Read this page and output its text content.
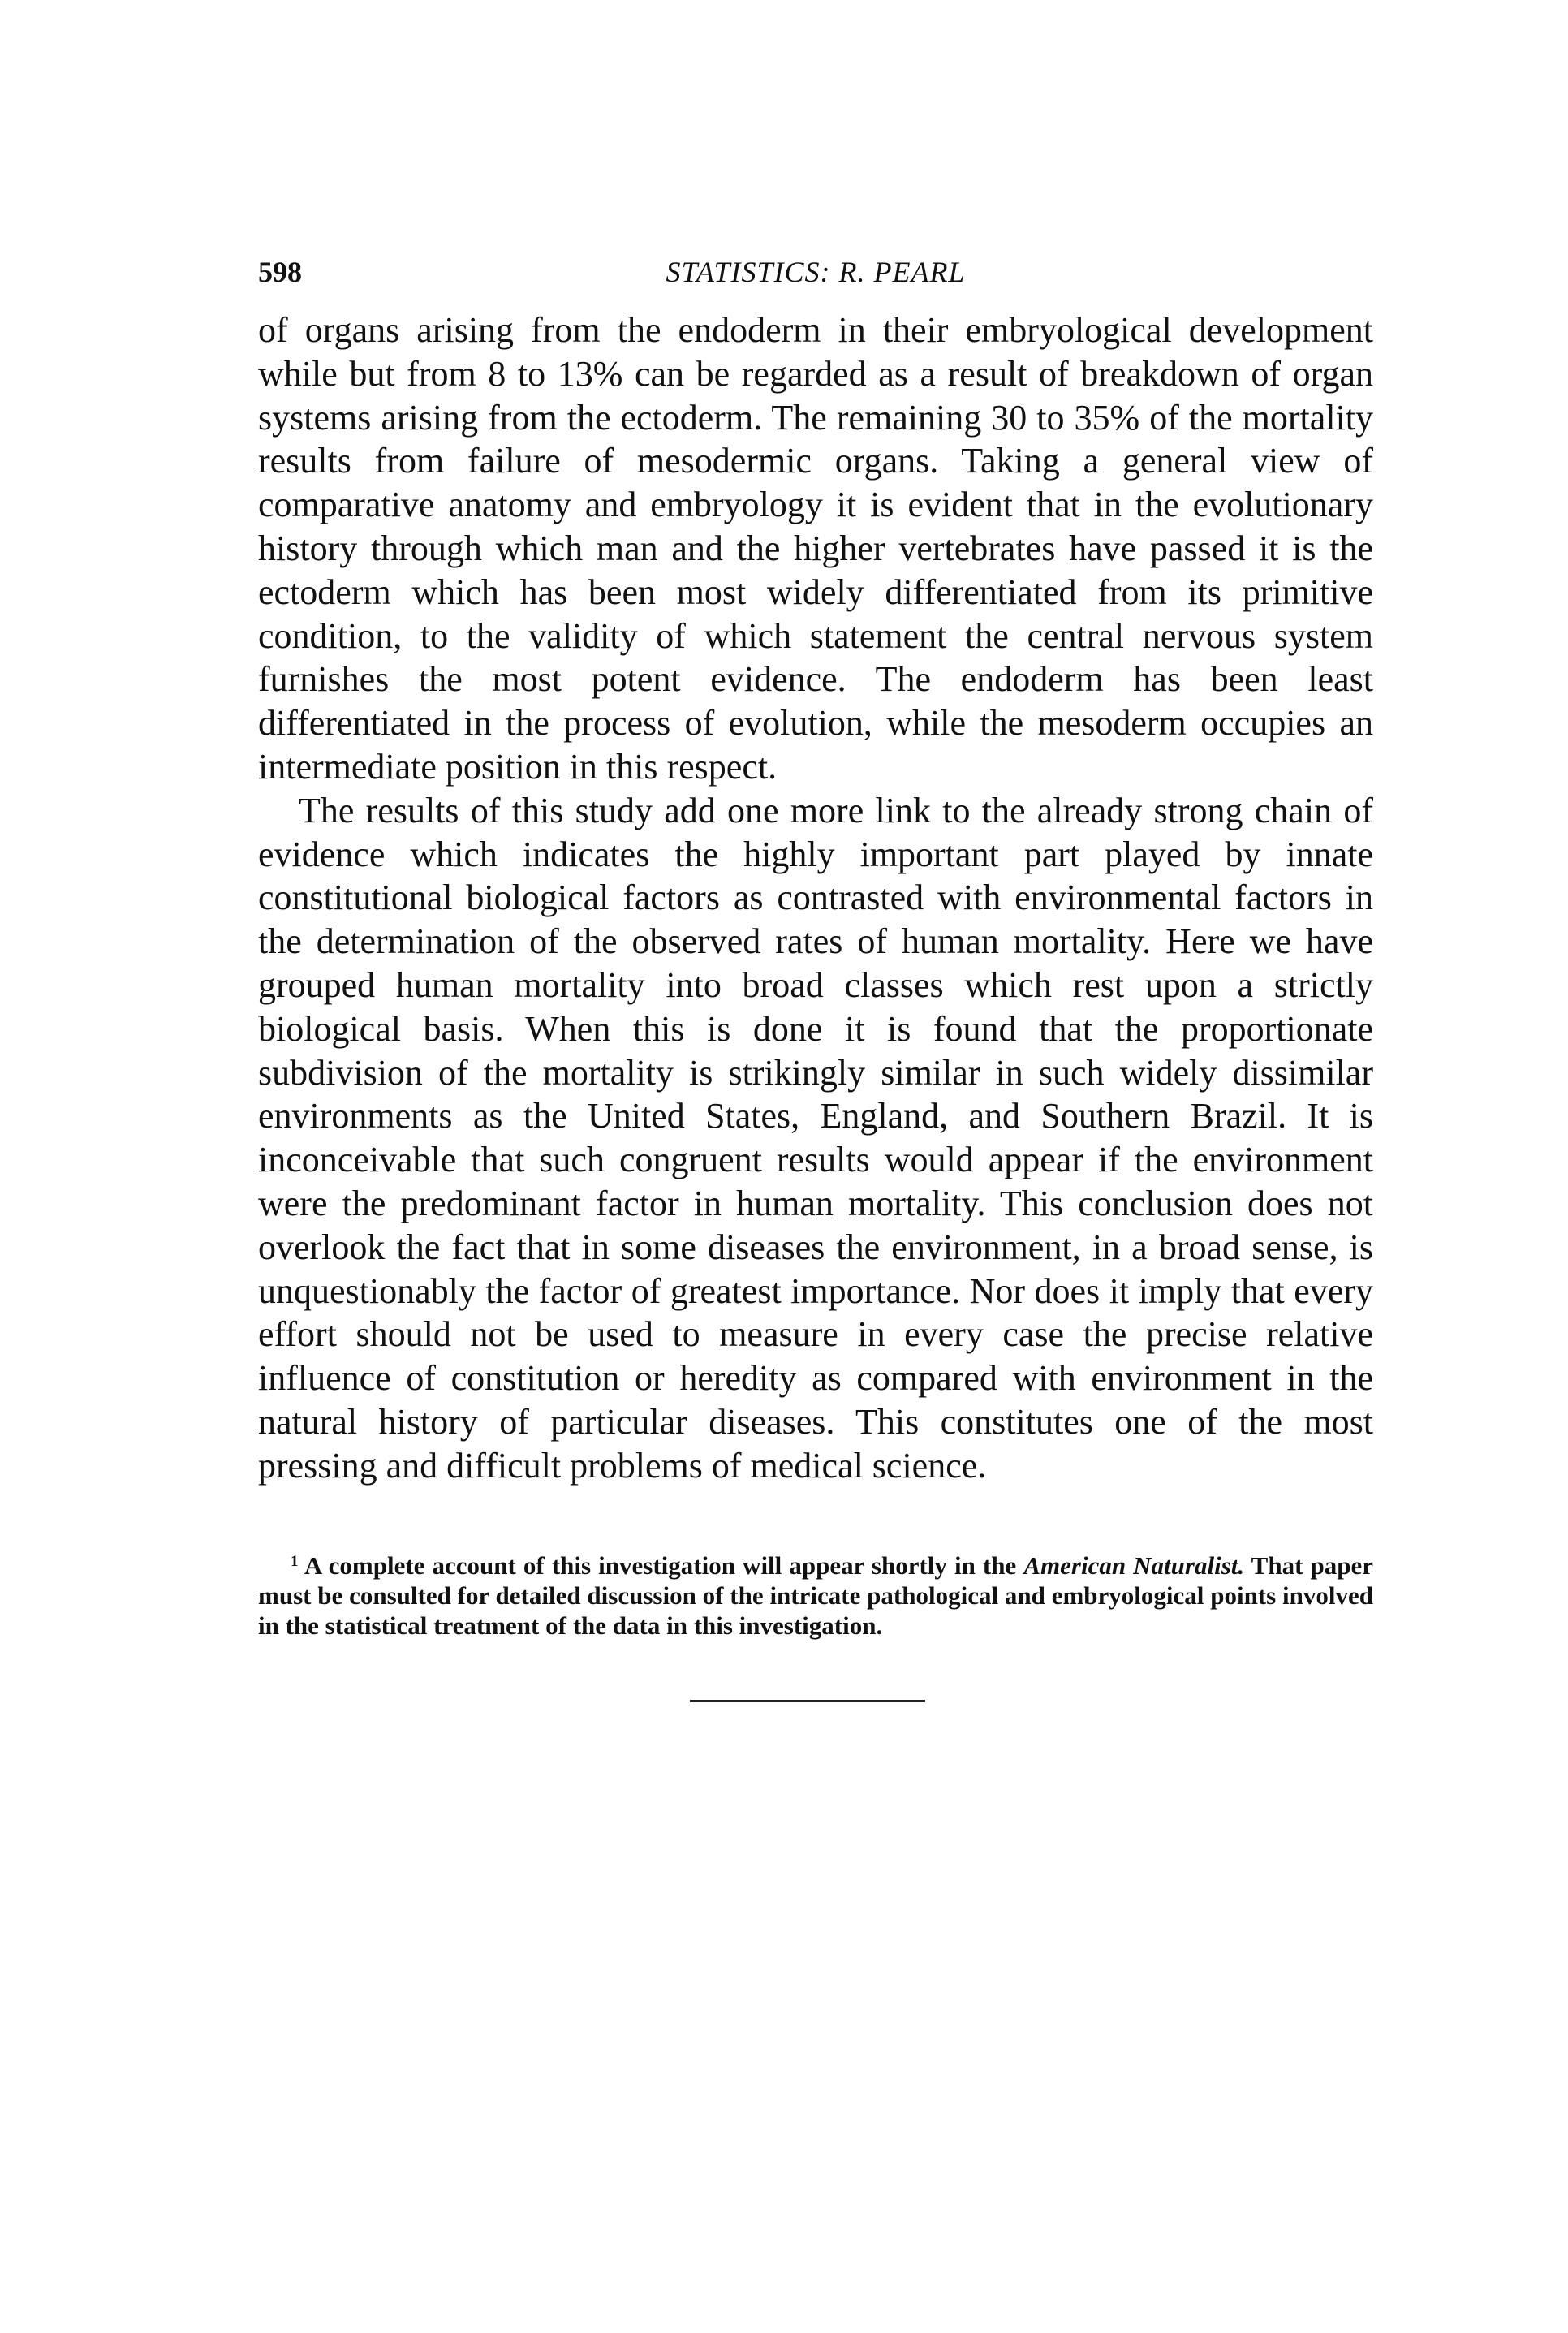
598	STATISTICS: R. PEARL

of organs arising from the endoderm in their embryological development while but from 8 to 13% can be regarded as a result of breakdown of organ systems arising from the ectoderm. The remaining 30 to 35% of the mortality results from failure of mesodermic organs. Taking a general view of comparative anatomy and embryology it is evident that in the evolutionary history through which man and the higher vertebrates have passed it is the ectoderm which has been most widely differentiated from its primitive condition, to the validity of which statement the central nervous system furnishes the most potent evidence. The endoderm has been least differentiated in the process of evolution, while the mesoderm occupies an intermediate position in this respect.

The results of this study add one more link to the already strong chain of evidence which indicates the highly important part played by innate constitutional biological factors as contrasted with environmental factors in the determination of the observed rates of human mortality. Here we have grouped human mortality into broad classes which rest upon a strictly biological basis. When this is done it is found that the proportionate subdivision of the mortality is strikingly similar in such widely dissimilar environments as the United States, England, and Southern Brazil. It is inconceivable that such congruent results would appear if the environment were the predominant factor in human mortality. This conclusion does not overlook the fact that in some diseases the environment, in a broad sense, is unquestionably the factor of greatest importance. Nor does it imply that every effort should not be used to measure in every case the precise relative influence of constitution or heredity as compared with environment in the natural history of particular diseases. This constitutes one of the most pressing and difficult problems of medical science.

$^1$ A complete account of this investigation will appear shortly in the American Naturalist. That paper must be consulted for detailed discussion of the intricate pathological and embryological points involved in the statistical treatment of the data in this investigation.
